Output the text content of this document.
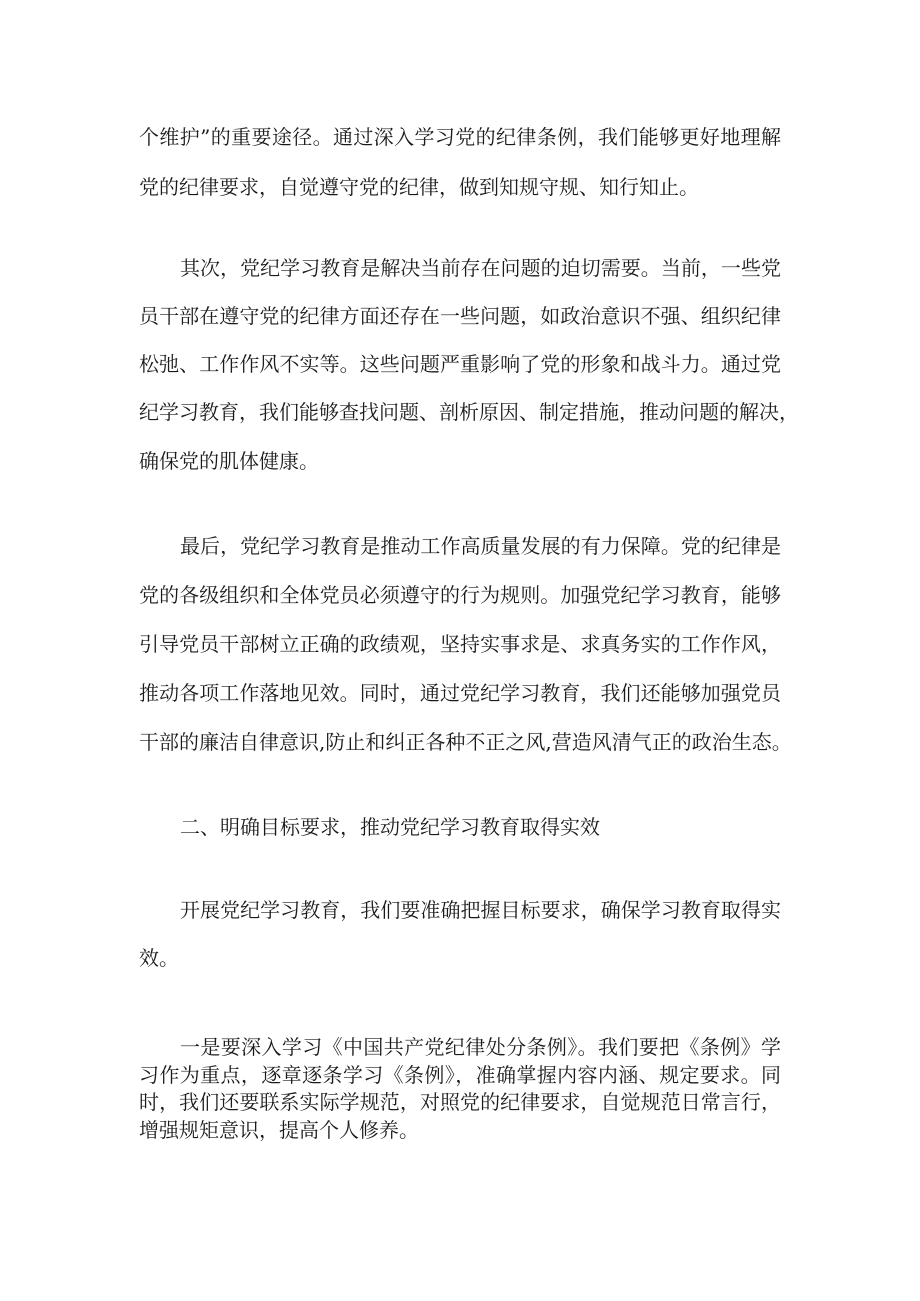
个维护”的重要途径。通过深入学习党的纪律条例，我们能够更好地理解
党的纪律要求，自觉遵守党的纪律，做到知规守规、知行知止。
其次，党纪学习教育是解决当前存在问题的迫切需要。当前，一些党
员干部在遵守党的纪律方面还存在一些问题，如政治意识不强、组织纪律
松弛、工作作风不实等。这些问题严重影响了党的形象和战斗力。通过党
纪学习教育，我们能够查找问题、剖析原因、制定措施，推动问题的解决，
确保党的肌体健康。
最后，党纪学习教育是推动工作高质量发展的有力保障。党的纪律是
党的各级组织和全体党员必须遵守的行为规则。加强党纪学习教育，能够
引导党员干部树立正确的政绩观，坚持实事求是、求真务实的工作作风，
推动各项工作落地见效。同时，通过党纪学习教育，我们还能够加强党员
干部的廉洁自律意识,防止和纠正各种不正之风,营造风清气正的政治生态。
二、明确目标要求，推动党纪学习教育取得实效
开展党纪学习教育，我们要准确把握目标要求，确保学习教育取得实
效。
一是要深入学习《中国共产党纪律处分条例》。我们要把《条例》学
习作为重点，逐章逐条学习《条例》，准确掌握内容内涵、规定要求。同
时，我们还要联系实际学规范，对照党的纪律要求，自觉规范日常言行，
增强规矩意识，提高个人修养。
